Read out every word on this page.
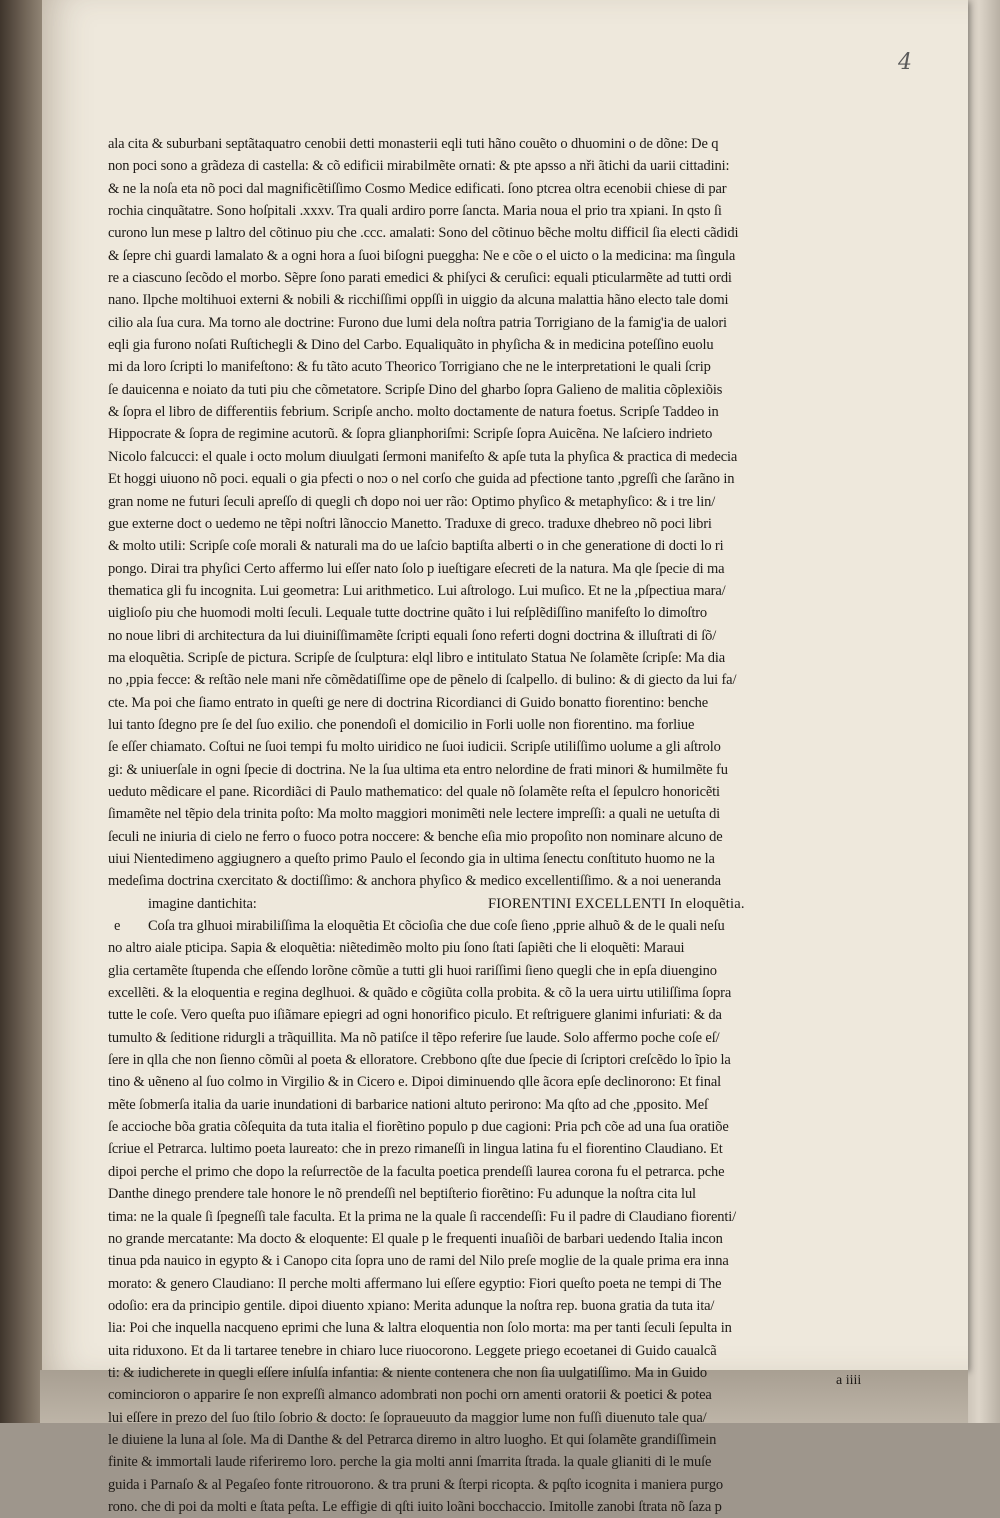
4
ala cita & suburbani septãtaquatro cenobii detti monasterii eqli tuti hãno couẽto o dhuomini o de dõne: De q
non poci sono a grãdeza di castella: & cõ edificii mirabilmẽte ornati: & pte apsso a nři ãtichi da uarii cittadini:
& ne la noſa eta nõ poci dal magnificẽtiſſimo Cosmo Medice edificati. ſono ptcrea oltra ecenobii chiese di par
rochia cinquãtatre. Sono hoſpitali .xxxv. Tra quali ardiro porre ſancta. Maria noua el prio tra xpiani. In qsto ſi
curono lun mese p laltro del cõtinuo piu che .ccc. amalati: Sono del cõtinuo bẽche moltu difficil ſia electi cãdidi
& ſepre chi guardi lamalato & a ogni hora a ſuoi biſogni pueggha: Ne e cõe o el uicto o la medicina: ma ſingula
re a ciascuno ſecõdo el morbo. Sẽpre ſono parati emedici & phiſyci & ceruſici: equali pticularmẽte ad tutti ordi
nano. Ilpche moltihuoi externi & nobili & ricchiſſimi oppſſi in uiggio da alcuna malattia hãno electo tale domi
cilio ala ſua cura. Ma torno ale doctrine: Furono due lumi dela noſtra patria Torrigiano de la famig'ia de ualori
eqli gia furono noſati Ruſtichegli & Dino del Carbo. Equaliquãto in phyſicha & in medicina poteſſino euolu
mi da loro ſcripti lo manifeſtono: & fu tãto acuto Theorico Torrigiano che ne le interpretationi le quali ſcrip
ſe dauicenna e noiato da tuti piu che cõmetatore. Scripſe Dino del gharbo ſopra Galieno de malitia cõplexiõis
& ſopra el libro de differentiis febrium. Scripſe ancho. molto doctamente de natura foetus. Scripſe Taddeo in
Hippocrate & ſopra de regimine acutorũ. & ſopra glianphoriſmi: Scripſe ſopra Auicẽna. Ne laſciero indrieto
Nicolo falcucci: el quale i octo molum diuulgati ſermoni manifeſto & apſe tuta la phyſica & practica di medecia
Et hoggi uiuono nõ poci. equali o gia pfecti o noɔ o nel corſo che guida ad pfectione tanto ,pgreſſi che ſarãno in
gran nome ne futuri ſeculi apreſſo di quegli cħ dopo noi uer rão: Optimo phyſico & metaphyſico: & i tre lin/
gue externe doct o uedemo ne tẽpi noſtri lãnoccio Manetto. Traduxe di greco. traduxe dhebreo nõ poci libri
& molto utili: Scripſe coſe morali & naturali ma do ue laſcio baptiſta alberti o in che generatione di docti lo ri
pongo. Dirai tra phyſici Certo affermo lui eſſer nato ſolo p iueſtigare eſecreti de la natura. Ma qle ſpecie di ma
thematica gli fu incognita. Lui geometra: Lui arithmetico. Lui aſtrologo. Lui muſico. Et ne la ,pſpectiua mara/
uiglioſo piu che huomodi molti ſeculi. Lequale tutte doctrine quãto i lui reſplẽdiſſino manifeſto lo dimoſtro
no noue libri di architectura da lui diuiniſſimamẽte ſcripti equali ſono referti dogni doctrina & illuſtrati di ſõ/
ma eloquẽtia. Scripſe de pictura. Scripſe de ſculptura: elql libro e intitulato Statua Ne ſolamẽte ſcripſe: Ma dia
no ,ppia fecce: & reſtão nele mani nře cõmẽdatiſſime ope de pẽnelo di ſcalpello. di bulino: & di giecto da lui fa/
cte. Ma poi che ſiamo entrato in queſti ge nere di doctrina Ricordianci di Guido bonatto fiorentino: benche
lui tanto ſdegno pre ſe del ſuo exilio. che ponendoſi el domicilio in Forli uolle non fiorentino. ma forliue
ſe eſſer chiamato. Coſtui ne ſuoi tempi fu molto uiridico ne ſuoi iudicii. Scripſe utiliſſimo uolume a gli aſtrolo
gi: & uniuerſale in ogni ſpecie di doctrina. Ne la ſua ultima eta entro nelordine de frati minori & humilmẽte fu
ueduto mẽdicare el pane. Ricordiãci di Paulo mathematico: del quale nõ ſolamẽte reſta el ſepulcro honoricẽti
ſimamẽte nel tẽpio dela trinita poſto: Ma molto maggiori monimẽti nele lectere impreſſi: a quali ne uetuſta di
ſeculi ne iniuria di cielo ne ferro o fuoco potra noccere: & benche eſia mio propoſito non nominare alcuno de
uiui Nientedimeno aggiugnero a queſto primo Paulo el ſecondo gia in ultima ſenectu conſtituto huomo ne la
medeſima doctrina cxercitato & doctiſſimo: & anchora phyſico & medico excellentiſſimo. & a noi ueneranda
imagine dantichita:	FIORENTINI EXCELLENTI In eloquẽtia.
e Coſa tra glhuoi mirabiliſſima la eloquẽtia Et cõcioſia che due coſe ſieno ,pprie alhuõ & de le quali neſu
no altro aiale pticipa. Sapia & eloquẽtia: niẽtedimẽo molto piu ſono ſtati ſapiẽti che li eloquẽti: Maraui
glia certamẽte ſtupenda che eſſendo lorõne cõmũe a tutti gli huoi rariſſimi ſieno quegli che in epſa diuengino
excellẽti. & la eloquentia e regina deglhuoi. & quãdo e cõgiũta colla probita. & cõ la uera uirtu utiliſſima ſopra
tutte le coſe. Vero queſta puo iſiãmare epiegri ad ogni honorifico piculo. Et reſtriguere glanimi infuriati: & da
tumulto & ſeditione ridurgli a trãquillita. Ma nõ patiſce il tẽpo referire ſue laude. Solo affermo poche coſe eſ/
ſere in qlla che non ſienno cõmũi al poeta & elloratore. Crebbono qſte due ſpecie di ſcriptori creſcẽdo lo ĩpio la
tino & uẽneno al ſuo colmo in Virgilio & in Cicero e. Dipoi diminuendo qlle ãcora epſe declinorono: Et final
mẽte ſobmerſa italia da uarie inundationi di barbarice nationi altuto perirono: Ma qſto ad che ,pposito. Meſ
ſe accioche bõa gratia cõſequita da tuta italia el fiorẽtino populo p due cagioni: Pria pcħ cõe ad una ſua oratiõe
ſcriue el Petrarca. lultimo poeta laureato: che in prezo rimaneſſi in lingua latina fu el fiorentino Claudiano. Et
dipoi perche el primo che dopo la reſurrectõe de la faculta poetica prendeſſi laurea corona fu el petrarca. pche
Danthe dinego prendere tale honore le nõ prendeſſi nel beptiſterio fiorẽtino: Fu adunque la noſtra cita lul
tima: ne la quale ſi ſpegneſſi tale faculta. Et la prima ne la quale ſi raccendeſſi: Fu il padre di Claudiano fiorenti/
no grande mercatante: Ma docto & eloquente: El quale p le frequenti inuaſiõi de barbari uedendo Italia incon
tinua pda nauico in egypto & i Canopo cita ſopra uno de rami del Nilo preſe moglie de la quale prima era inna
morato: & genero Claudiano: Il perche molti affermano lui eſſere egyptio: Fiori queſto poeta ne tempi di The
odoſio: era da principio gentile. dipoi diuento xpiano: Merita adunque la noſtra rep. buona gratia da tuta ita/
lia: Poi che inquella nacqueno eprimi che luna & laltra eloquentia non ſolo morta: ma per tanti ſeculi ſepulta in
uita riduxono. Et da li tartaree tenebre in chiaro luce riuocorono. Leggete priego ecoetanei di Guido caualcã
ti: & iudicherete in quegli eſſere inſulſa infantia: & niente contenera che non ſia uulgatiſſimo. Ma in Guido
comincioron o apparire ſe non expreſſi almanco adombrati non pochi orn amenti oratorii & poetici & potea
lui eſſere in prezo del ſuo ſtilo ſobrio & docto: ſe ſopraueuuto da maggior lume non fuſſi diuenuto tale qua/
le diuiene la luna al ſole. Ma di Danthe & del Petrarca diremo in altro luogho. Et qui ſolamẽte grandiſſimein
finite & immortali laude riferiremo loro. perche la gia molti anni ſmarrita ſtrada. la quale glianiti di le muſe
guida i Parnaſo & al Pegaſeo fonte ritrouorono. & tra pruni & ſterpi ricopta. & pqſto icognita i maniera purgo
rono. che di poi da molti e ſtata peſta. Le effigie di qſti iuito loãni bocchaccio. Imitolle zanobi ſtrata nõ ſaza p
a iiii
